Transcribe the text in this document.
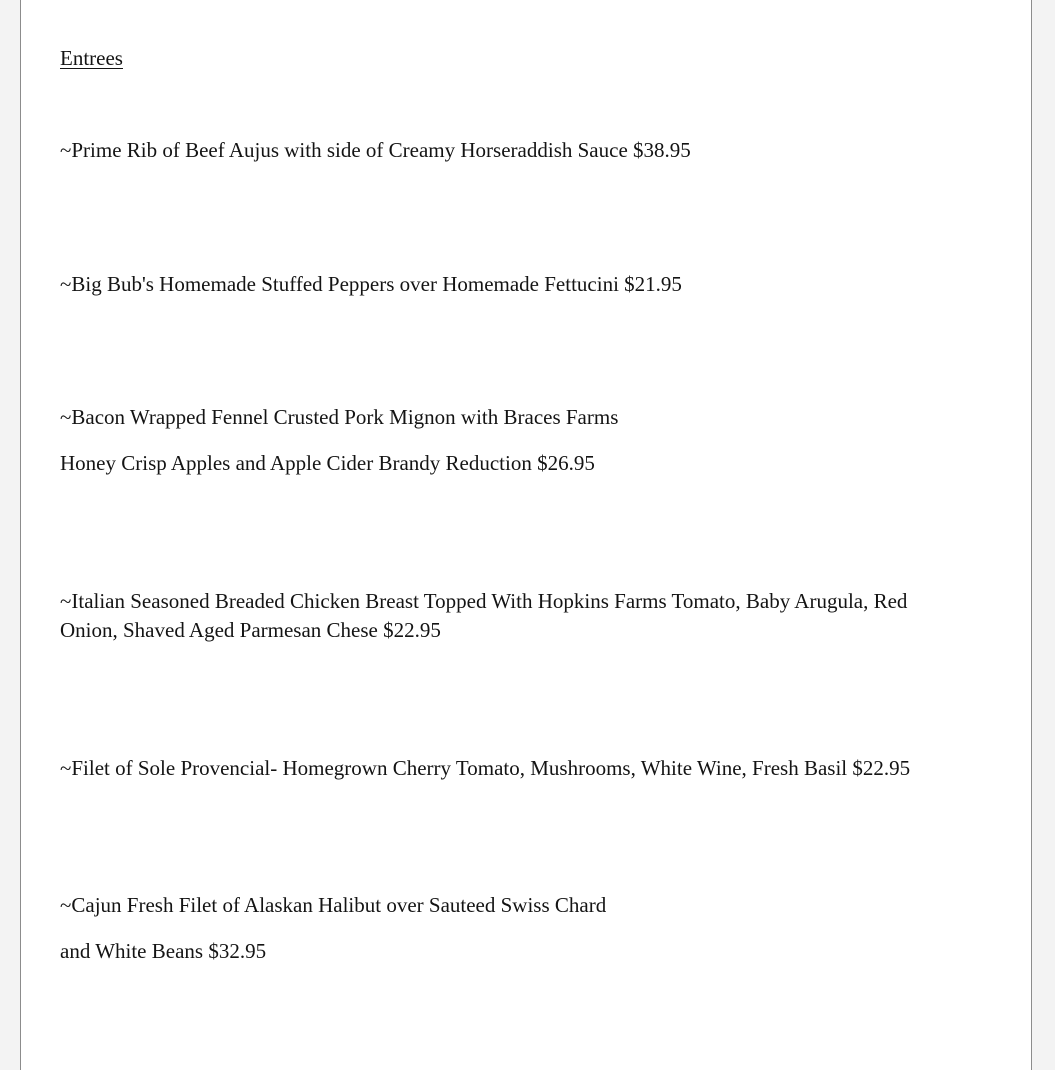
Entrees

~Prime Rib of Beef Aujus with side of Creamy Horseraddish Sauce $38.95

~Big Bub's Homemade Stuffed Peppers over Homemade Fettucini $21.95

~Bacon Wrapped Fennel Crusted Pork Mignon with Braces Farms

Honey Crisp Apples and Apple Cider Brandy Reduction $26.95

~Italian Seasoned Breaded Chicken Breast Topped With Hopkins Farms Tomato, Baby Arugula, Red

Onion, Shaved Aged Parmesan Chese $22.95

~Filet of Sole Provencial- Homegrown Cherry Tomato, Mushrooms, White Wine, Fresh Basil $22.95

~Cajun Fresh Filet of Alaskan Halibut over Sauteed Swiss Chard

and White Beans $32.95
